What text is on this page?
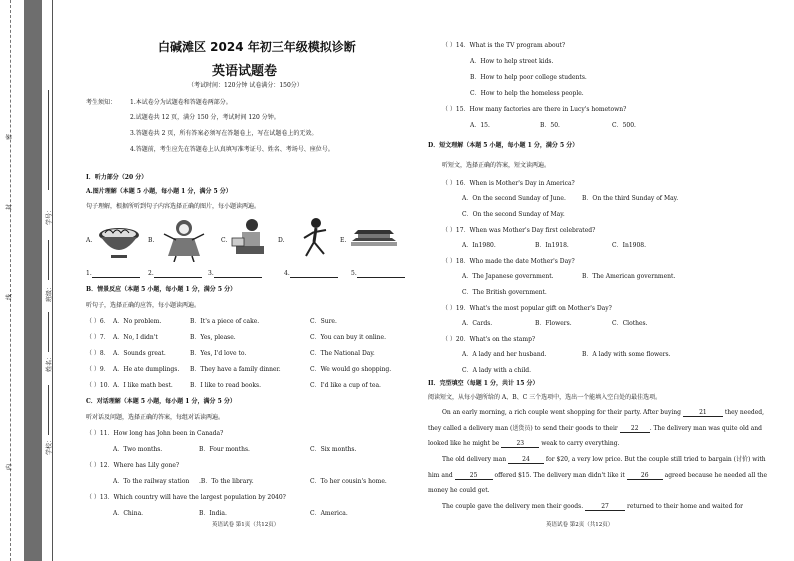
密
封
线
内
学号：
班级：
姓名：
学校：
白碱滩区 2024 年初三年级模拟诊断
英语试题卷
（考试时间：120分钟 试卷满分：150分）
考生须知： 1.本试卷分为试题卷和答题卷两部分。
2.试题卷共 12 页，满分 150 分，考试时间 120 分钟。
3.答题卷共 2 页，所有答案必须写在答题卷上，写在试题卷上的无效。
4.答题前，考生应先在答题卷上认真填写准考证号、姓名、考场号、座位号。
I．听力部分（20 分）
A.图片理解（本题 5 小题，每小题 1 分，满分 5 分）
句子理解，根据所听到句子内容选择正确的图片，每小题读两遍。
A.	B.	C.	D.	E.
1.	2.	3.	4.	5.
B．情景反应（本题 5 小题，每小题 1 分，满分 5 分）
听句子，选择正确的应答，每小题读两遍。
（ ）6． A．No problem.	B．It's a piece of cake.	C．Sure.
（ ）7． A．No, I didn't	B．Yes, please.	C．You can buy it online.
（ ）8． A．Sounds great.	B．Yes, I'd love to.	C．The National Day.
（ ）9． A．He ate dumplings. B．They have a family dinner.	C．We would go shopping.
（ ）10． A．I like math best.	B．I like to read books.	C．I'd like a cup of tea.
C．对话理解（本题 5 小题，每小题 1 分，满分 5 分）
听对话及问题，选择正确的答案，每组对话读两遍。
（ ）11．How long has John been in Canada?
A．Two months.	B．Four months.	C．Six months.
（ ）12．Where has Lily gone?
A．To the railway station .B．To the library.	C．To her cousin's home.
（ ）13．Which country will have the largest population by 2040?
A．China.	B．India.	C．America.
英语试卷 第1页（共12页）
（ ）14．What is the TV program about?
A．How to help street kids.
B．How to help poor college students.
C．How to help the homeless people.
（ ）15．How many factories are there in Lucy's hometown?
A．15.	B．50.	C．500.
D．短文理解（本题 5 小题，每小题 1 分，满分 5 分）
听短文，选择正确的答案，短文读两遍。
（ ）16．When is Mother's Day in America?
A．On the second Sunday of June.	B．On the third Sunday of May.
C．On the second Sunday of May.
（ ）17．When was Mother's Day first celebrated?
A．In1980.	B．In1918.	C．In1908.
（ ）18．Who made the date Mother's Day?
A．The Japanese government.	B．The American government.
C．The British government.
（ ）19．What's the most popular gift on Mother's Day?
A．Cards.	B．Flowers.	C．Clothes.
（ ）20．What's on the stamp?
A．A lady and her husband.	B．A lady with some flowers.
C．A lady with a child.
II．完型填空（每题 1 分，共计 15 分）
阅读短文，从每小题所给的 A、B、C 三个选项中，选出一个能填入空白处的最佳选项。
On an early morning, a rich couple went shopping for their party. After buying	21	they needed,
they called a delivery man (送货员) to send their goods to their 22 . The delivery man was quite old and
looked like he might be	23	weak to carry everything.
The old delivery man	24	for $20, a very low price. But the couple still tried to bargain (讨价) with
him and	25	offered $15. The delivery man didn't like it	26	agreed because he needed all the
money he could get.
The couple gave the delivery men their goods.	27	returned to their home and waited for
英语试卷 第2页（共12页）
